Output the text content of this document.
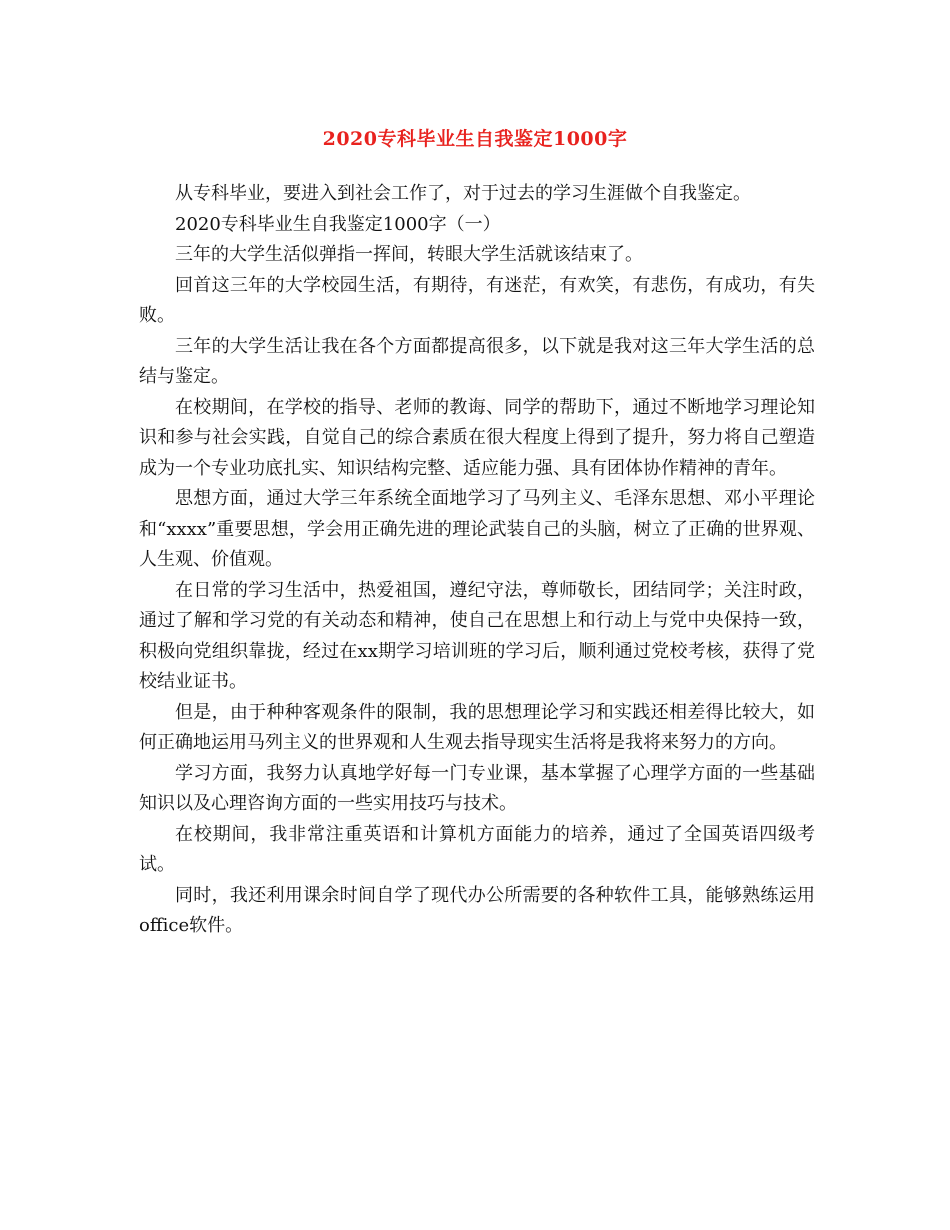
2020专科毕业生自我鉴定1000字

从专科毕业，要进入到社会工作了，对于过去的学习生涯做个自我鉴定。

2020专科毕业生自我鉴定1000字（一）

三年的大学生活似弹指一挥间，转眼大学生活就该结束了。

回首这三年的大学校园生活，有期待，有迷茫，有欢笑，有悲伤，有成功，有失败。

三年的大学生活让我在各个方面都提高很多，以下就是我对这三年大学生活的总结与鉴定。

在校期间，在学校的指导、老师的教诲、同学的帮助下，通过不断地学习理论知识和参与社会实践，自觉自己的综合素质在很大程度上得到了提升，努力将自己塑造成为一个专业功底扎实、知识结构完整、适应能力强、具有团体协作精神的青年。

思想方面，通过大学三年系统全面地学习了马列主义、毛泽东思想、邓小平理论和“xxxx”重要思想，学会用正确先进的理论武装自己的头脑，树立了正确的世界观、人生观、价值观。

在日常的学习生活中，热爱祖国，遵纪守法，尊师敬长，团结同学；关注时政，通过了解和学习党的有关动态和精神，使自己在思想上和行动上与党中央保持一致，积极向党组织靠拢，经过在xx期学习培训班的学习后，顺利通过党校考核，获得了党校结业证书。

但是，由于种种客观条件的限制，我的思想理论学习和实践还相差得比较大，如何正确地运用马列主义的世界观和人生观去指导现实生活将是我将来努力的方向。

学习方面，我努力认真地学好每一门专业课，基本掌握了心理学方面的一些基础知识以及心理咨询方面的一些实用技巧与技术。

在校期间，我非常注重英语和计算机方面能力的培养，通过了全国英语四级考试。

同时，我还利用课余时间自学了现代办公所需要的各种软件工具，能够熟练运用office软件。
